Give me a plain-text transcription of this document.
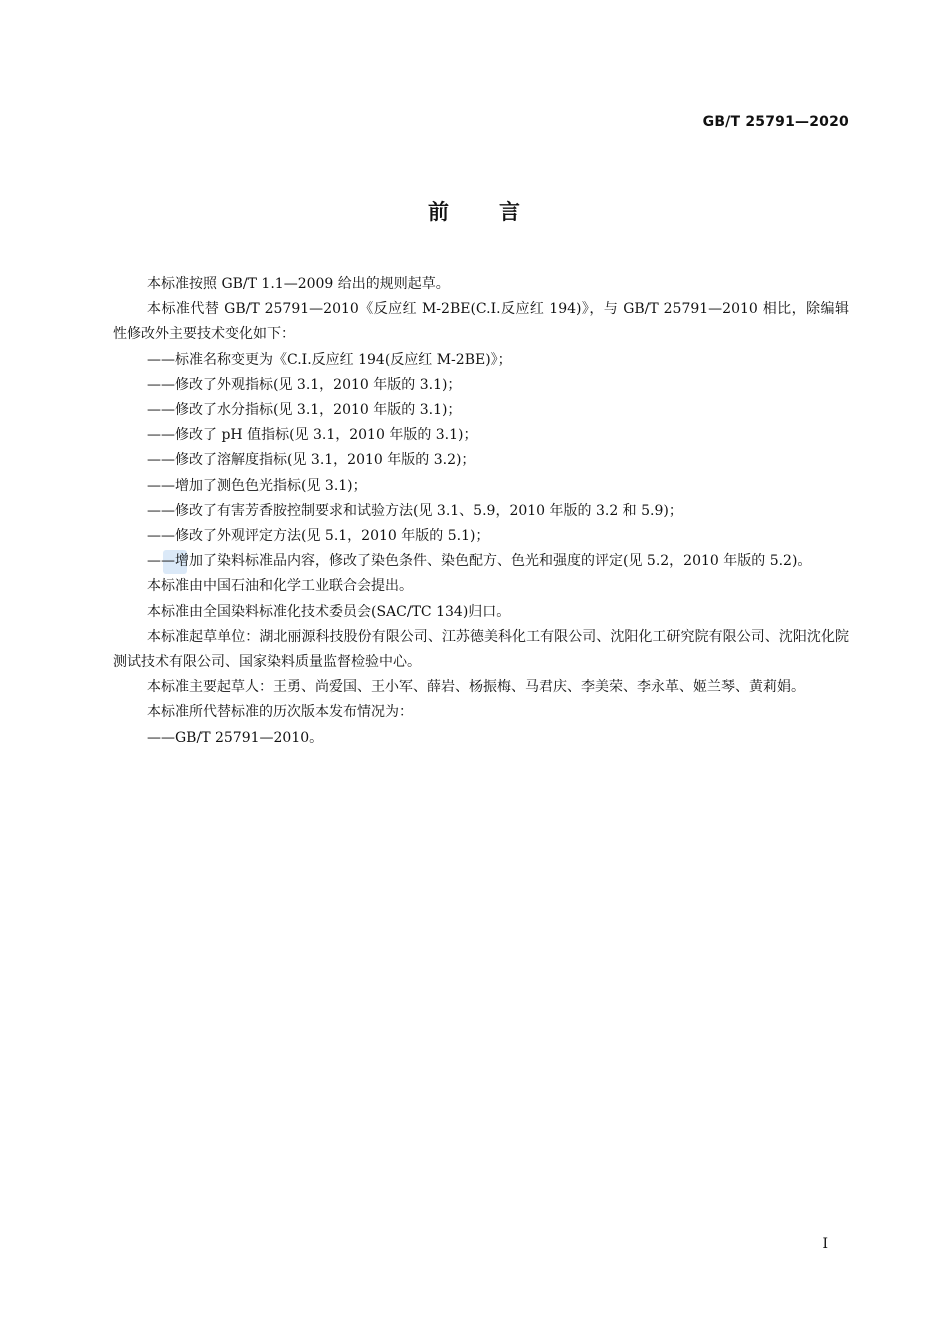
GB/T 25791—2020
前 言

本标准按照 GB/T 1.1—2009 给出的规则起草。

本标准代替 GB/T 25791—2010《反应红 M-2BE(C.I.反应红 194)》，与 GB/T 25791—2010 相比，除编辑性修改外主要技术变化如下：

——标准名称变更为《C.I.反应红 194(反应红 M-2BE)》；

——修改了外观指标(见 3.1，2010 年版的 3.1)；

——修改了水分指标(见 3.1，2010 年版的 3.1)；

——修改了 pH 值指标(见 3.1，2010 年版的 3.1)；

——修改了溶解度指标(见 3.1，2010 年版的 3.2)；

——增加了测色色光指标(见 3.1)；

——修改了有害芳香胺控制要求和试验方法(见 3.1、5.9，2010 年版的 3.2 和 5.9)；

——修改了外观评定方法(见 5.1，2010 年版的 5.1)；

——增加了染料标准品内容，修改了染色条件、染色配方、色光和强度的评定(见 5.2，2010 年版的 5.2)。

本标准由中国石油和化学工业联合会提出。

本标准由全国染料标准化技术委员会(SAC/TC 134)归口。

本标准起草单位：湖北丽源科技股份有限公司、江苏德美科化工有限公司、沈阳化工研究院有限公司、沈阳沈化院测试技术有限公司、国家染料质量监督检验中心。

本标准主要起草人：王勇、尚爱国、王小军、薛岩、杨振梅、马君庆、李美荣、李永革、姬兰琴、黄莉娟。

本标准所代替标准的历次版本发布情况为：

——GB/T 25791—2010。

I
